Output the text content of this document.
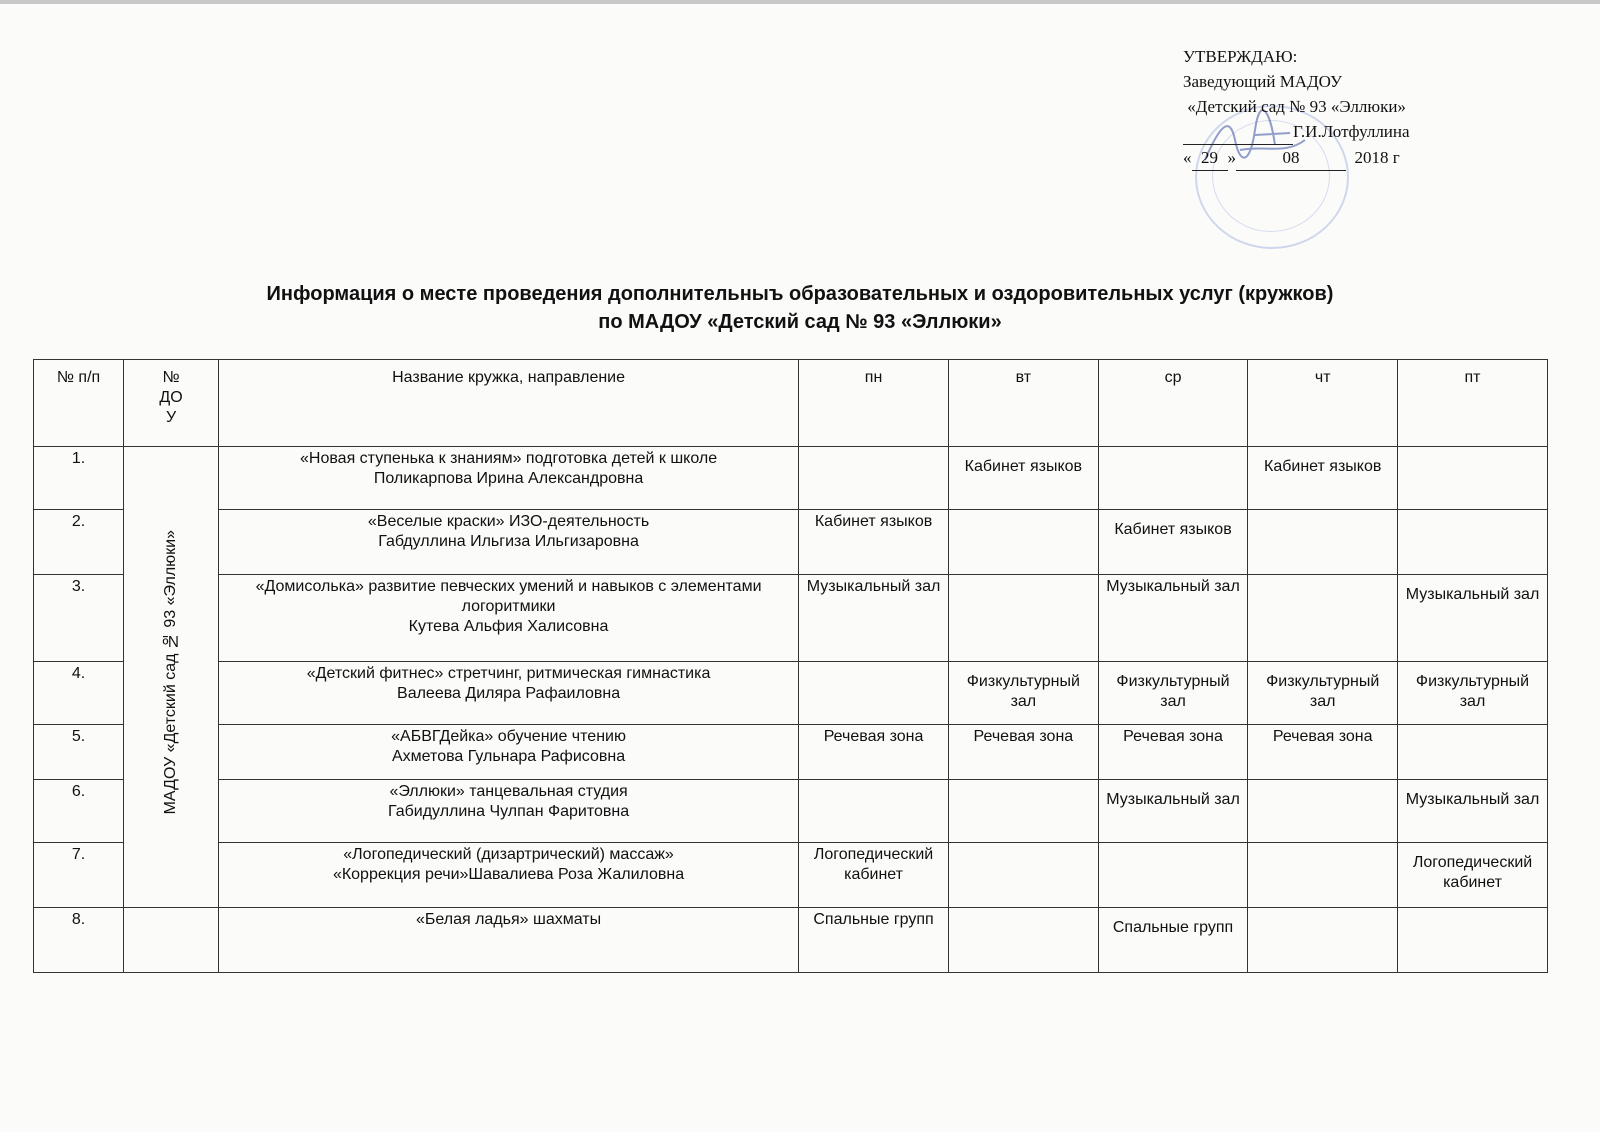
УТВЕРЖДАЮ:
Заведующий МАДОУ
«Детский сад № 93 «Эллюки»
Г.И.Лотфуллина
« 29 »	08	2018 г
Информация о месте проведения дополнительныъ образовательных и оздоровительных услуг (кружков)
по МАДОУ «Детский сад № 93 «Эллюки»
№ п/п	№
ДО
У	Название кружка, направление	пн	вт	ср	чт	пт
1.	МАДОУ «Детский сад № 93 «Эллюки»	«Новая ступенька к знаниям» подготовка детей к школе
Поликарпова Ирина Александровна		Кабинет языков		Кабинет языков	
2.		«Веселые краски» ИЗО-деятельность
Габдуллина Ильгиза Ильгизаровна	Кабинет языков		Кабинет языков		
3.		«Домисолька» развитие певческих умений и навыков с элементами логоритмики
Кутева Альфия Халисовна	Музыкальный зал		Музыкальный зал		Музыкальный зал
4.		«Детский фитнес» стретчинг, ритмическая гимнастика
Валеева Диляра Рафаиловна		Физкультурный зал	Физкультурный зал	Физкультурный зал	Физкультурный зал
5.		«АБВГДейка» обучение чтению
Ахметова Гульнара Рафисовна	Речевая зона	Речевая зона	Речевая зона	Речевая зона	
6.		«Эллюки» танцевальная студия
Габидуллина Чулпан Фаритовна			Музыкальный зал		Музыкальный зал
7.		«Логопедический (дизартрический) массаж»
«Коррекция речи»Шавалиева Роза Жалиловна	Логопедический кабинет				Логопедический кабинет
8.		«Белая ладья» шахматы	Спальные групп		Спальные групп		
